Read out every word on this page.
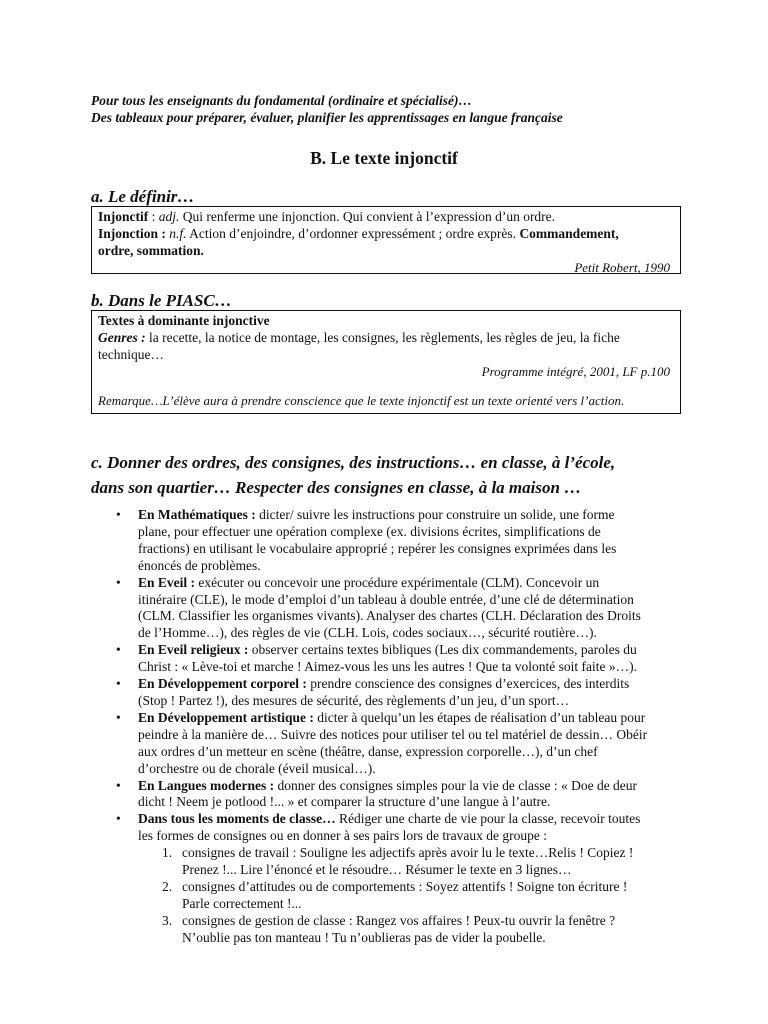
Pour tous les enseignants du fondamental (ordinaire et spécialisé)…
Des tableaux pour préparer, évaluer, planifier les apprentissages en langue française
B. Le texte injonctif
a. Le définir…
Injonctif : adj. Qui renferme une injonction. Qui convient à l’expression d’un ordre.
Injonction : n.f. Action d’enjoindre, d’ordonner expressément ; ordre exprès. Commandement,
ordre, sommation.
Petit Robert, 1990
b. Dans le PIASC…
Textes à dominante injonctive
Genres : la recette, la notice de montage, les consignes, les règlements, les règles de jeu, la fiche
technique…
Programme intégré, 2001, LF p.100
Remarque…L’élève aura à prendre conscience que le texte injonctif est un texte orienté vers l’action.
c. Donner des ordres, des consignes, des instructions… en classe, à l’école,
dans son quartier… Respecter des consignes en classe, à la maison …
• En Mathématiques : dicter/ suivre les instructions pour construire un solide, une forme
plane, pour effectuer une opération complexe (ex. divisions écrites, simplifications de
fractions) en utilisant le vocabulaire approprié ; repérer les consignes exprimées dans les
énoncés de problèmes.
• En Eveil : exécuter ou concevoir une procédure expérimentale (CLM). Concevoir un
itinéraire (CLE), le mode d’emploi d’un tableau à double entrée, d’une clé de détermination
(CLM. Classifier les organismes vivants). Analyser des chartes (CLH. Déclaration des Droits
de l’Homme…), des règles de vie (CLH. Lois, codes sociaux…, sécurité routière…).
• En Eveil religieux : observer certains textes bibliques (Les dix commandements, paroles du
Christ : « Lève-toi et marche ! Aimez-vous les uns les autres ! Que ta volonté soit faite »…).
• En Développement corporel : prendre conscience des consignes d’exercices, des interdits
(Stop ! Partez !), des mesures de sécurité, des règlements d’un jeu, d’un sport…
• En Développement artistique : dicter à quelqu’un les étapes de réalisation d’un tableau pour
peindre à la manière de… Suivre des notices pour utiliser tel ou tel matériel de dessin… Obéir
aux ordres d’un metteur en scène (théâtre, danse, expression corporelle…), d’un chef
d’orchestre ou de chorale (éveil musical…).
• En Langues modernes : donner des consignes simples pour la vie de classe : « Doe de deur
dicht ! Neem je potlood !... » et comparer la structure d’une langue à l’autre.
• Dans tous les moments de classe… Rédiger une charte de vie pour la classe, recevoir toutes
les formes de consignes ou en donner à ses pairs lors de travaux de groupe :
1. consignes de travail : Souligne les adjectifs après avoir lu le texte…Relis ! Copiez !
Prenez !... Lire l’énoncé et le résoudre… Résumer le texte en 3 lignes…
2. consignes d’attitudes ou de comportements : Soyez attentifs ! Soigne ton écriture !
Parle correctement !...
3. consignes de gestion de classe : Rangez vos affaires ! Peux-tu ouvrir la fenêtre ?
N’oublie pas ton manteau ! Tu n’oublieras pas de vider la poubelle.
